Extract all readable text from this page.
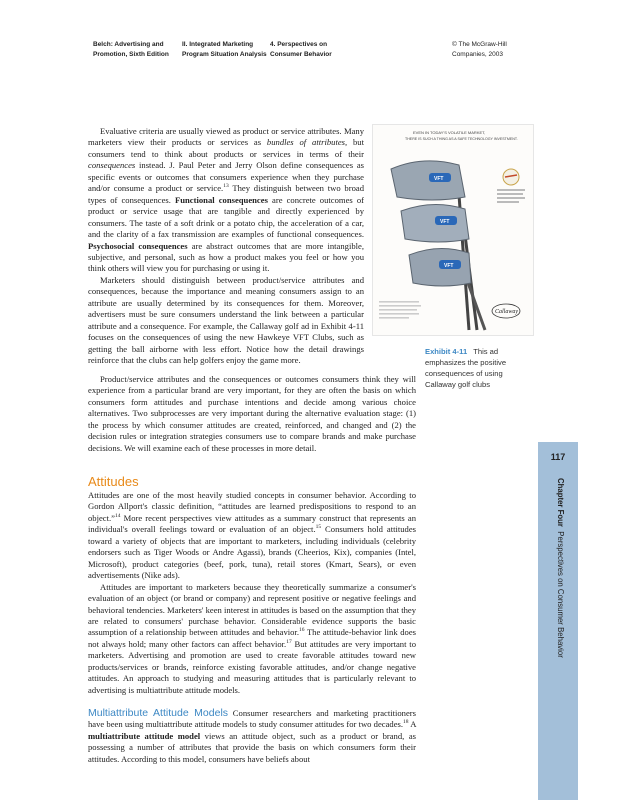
Belch: Advertising and
Promotion, Sixth Edition
II. Integrated Marketing
Program Situation Analysis
4. Perspectives on
Consumer Behavior
© The McGraw-Hill
Companies, 2003
EVEN IN TODAY'S VOLATILE MARKET,
THERE IS SUCH A THING AS A SAFE TECHNOLOGY INVESTMENT.
VFT
VFT
VFT
Callaway
Exhibit 4-11 This ad emphasizes the positive consequences of using Callaway golf clubs

Evaluative criteria are usually viewed as product or service attributes. Many marketers view their products or services as bundles of attributes, but consumers tend to think about products or services in terms of their consequences instead. J. Paul Peter and Jerry Olson define consequences as specific events or outcomes that consumers experience when they purchase and/or consume a product or service.$^{13}$ They distinguish between two broad types of consequences. Functional consequences are concrete outcomes of product or service usage that are tangible and directly experienced by consumers. The taste of a soft drink or a potato chip, the acceleration of a car, and the clarity of a fax transmission are examples of functional consequences. Psychosocial consequences are abstract outcomes that are more intangible, subjective, and personal, such as how a product makes you feel or how you think others will view you for purchasing or using it.

Marketers should distinguish between product/service attributes and consequences, because the importance and meaning consumers assign to an attribute are usually determined by its consequences for them. Moreover, advertisers must be sure consumers understand the link between a particular attribute and a consequence. For example, the Callaway golf ad in Exhibit 4-11 focuses on the consequences of using the new Hawkeye VFT Clubs, such as getting the ball airborne with less effort. Notice how the detail drawings reinforce that the clubs can help golfers enjoy the game more.

Product/service attributes and the consequences or outcomes consumers think they will experience from a particular brand are very important, for they are often the basis on which consumers form attitudes and purchase intentions and decide among various choice alternatives. Two subprocesses are very important during the alternative evaluation stage: (1) the process by which consumer attitudes are created, reinforced, and changed and (2) the decision rules or integration strategies consumers use to compare brands and make purchase decisions. We will examine each of these processes in more detail.

Attitudes

Attitudes are one of the most heavily studied concepts in consumer behavior. According to Gordon Allport's classic definition, “attitudes are learned predispositions to respond to an object.”$^{14}$ More recent perspectives view attitudes as a summary construct that represents an individual's overall feelings toward or evaluation of an object.$^{15}$ Consumers hold attitudes toward a variety of objects that are important to marketers, including individuals (celebrity endorsers such as Tiger Woods or Andre Agassi), brands (Cheerios, Kix), companies (Intel, Microsoft), product categories (beef, pork, tuna), retail stores (Kmart, Sears), or even advertisements (Nike ads).

Attitudes are important to marketers because they theoretically summarize a consumer's evaluation of an object (or brand or company) and represent positive or negative feelings and behavioral tendencies. Marketers' keen interest in attitudes is based on the assumption that they are related to consumers' purchase behavior. Considerable evidence supports the basic assumption of a relationship between attitudes and behavior.$^{16}$ The attitude-behavior link does not always hold; many other factors can affect behavior.$^{17}$ But attitudes are very important to marketers. Advertising and promotion are used to create favorable attitudes toward new products/services or brands, reinforce existing favorable attitudes, and/or change negative attitudes. An approach to studying and measuring attitudes that is particularly relevant to advertising is multiattribute attitude models.

Multiattribute Attitude Models Consumer researchers and marketing practitioners have been using multiattribute attitude models to study consumer attitudes for two decades.$^{18}$ A multiattribute attitude model views an attitude object, such as a product or brand, as possessing a number of attributes that provide the basis on which consumers form their attitudes. According to this model, consumers have beliefs about

117
Chapter Four  Perspectives on Consumer Behavior
